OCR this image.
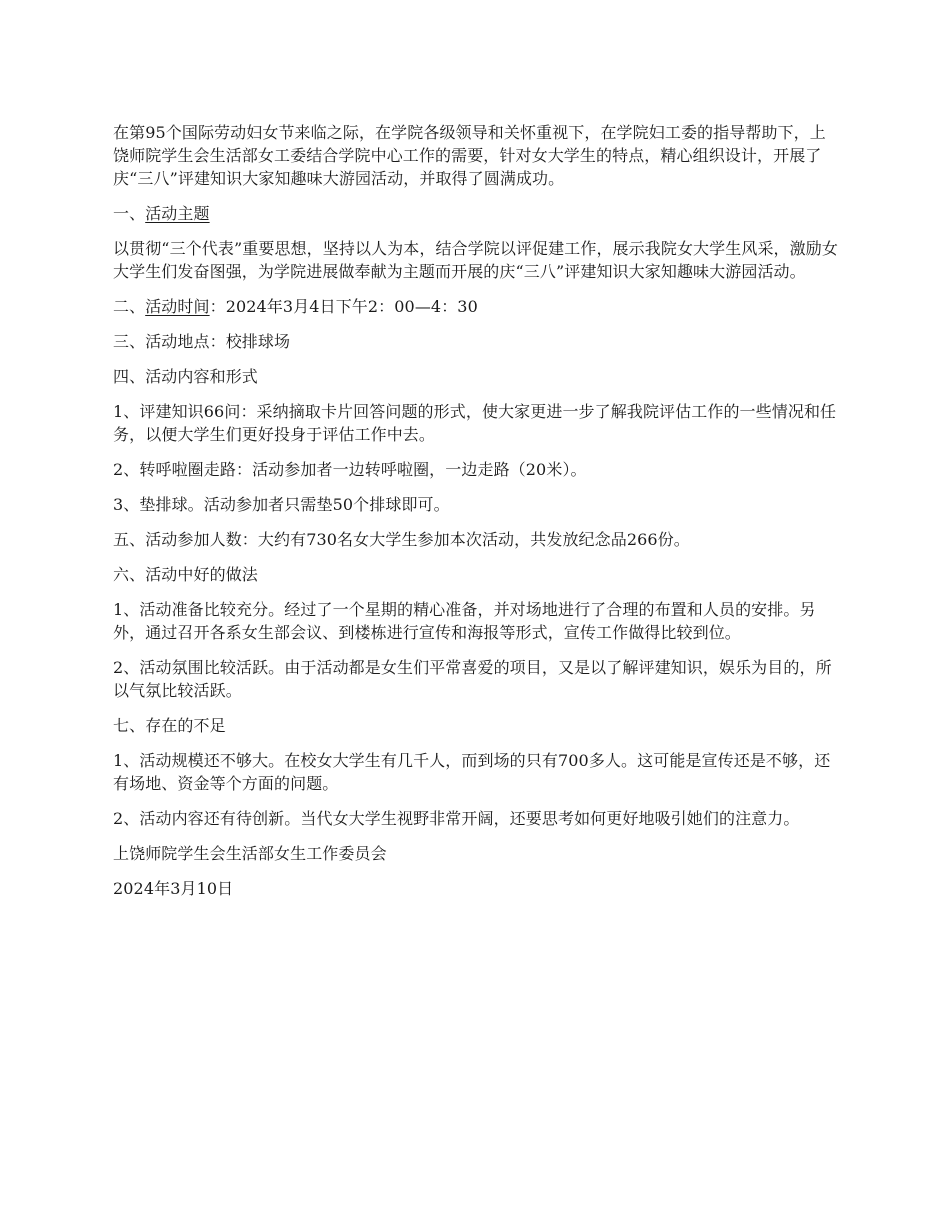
在第95个国际劳动妇女节来临之际，在学院各级领导和关怀重视下，在学院妇工委的指导帮助下，上饶师院学生会生活部女工委结合学院中心工作的需要，针对女大学生的特点，精心组织设计，开展了庆“三八”评建知识大家知趣味大游园活动，并取得了圆满成功。

一、活动主题

以贯彻“三个代表”重要思想，坚持以人为本，结合学院以评促建工作，展示我院女大学生风采，激励女大学生们发奋图强，为学院进展做奉献为主题而开展的庆“三八”评建知识大家知趣味大游园活动。

二、活动时间：2024年3月4日下午2：00—4：30

三、活动地点：校排球场

四、活动内容和形式

1、评建知识66问：采纳摘取卡片回答问题的形式，使大家更进一步了解我院评估工作的一些情况和任务，以便大学生们更好投身于评估工作中去。

2、转呼啦圈走路：活动参加者一边转呼啦圈，一边走路（20米）。

3、垫排球。活动参加者只需垫50个排球即可。

五、活动参加人数：大约有730名女大学生参加本次活动，共发放纪念品266份。

六、活动中好的做法

1、活动准备比较充分。经过了一个星期的精心准备，并对场地进行了合理的布置和人员的安排。另外，通过召开各系女生部会议、到楼栋进行宣传和海报等形式，宣传工作做得比较到位。

2、活动氛围比较活跃。由于活动都是女生们平常喜爱的项目，又是以了解评建知识，娱乐为目的，所以气氛比较活跃。

七、存在的不足

1、活动规模还不够大。在校女大学生有几千人，而到场的只有700多人。这可能是宣传还是不够，还有场地、资金等个方面的问题。

2、活动内容还有待创新。当代女大学生视野非常开阔，还要思考如何更好地吸引她们的注意力。

上饶师院学生会生活部女生工作委员会

2024年3月10日
